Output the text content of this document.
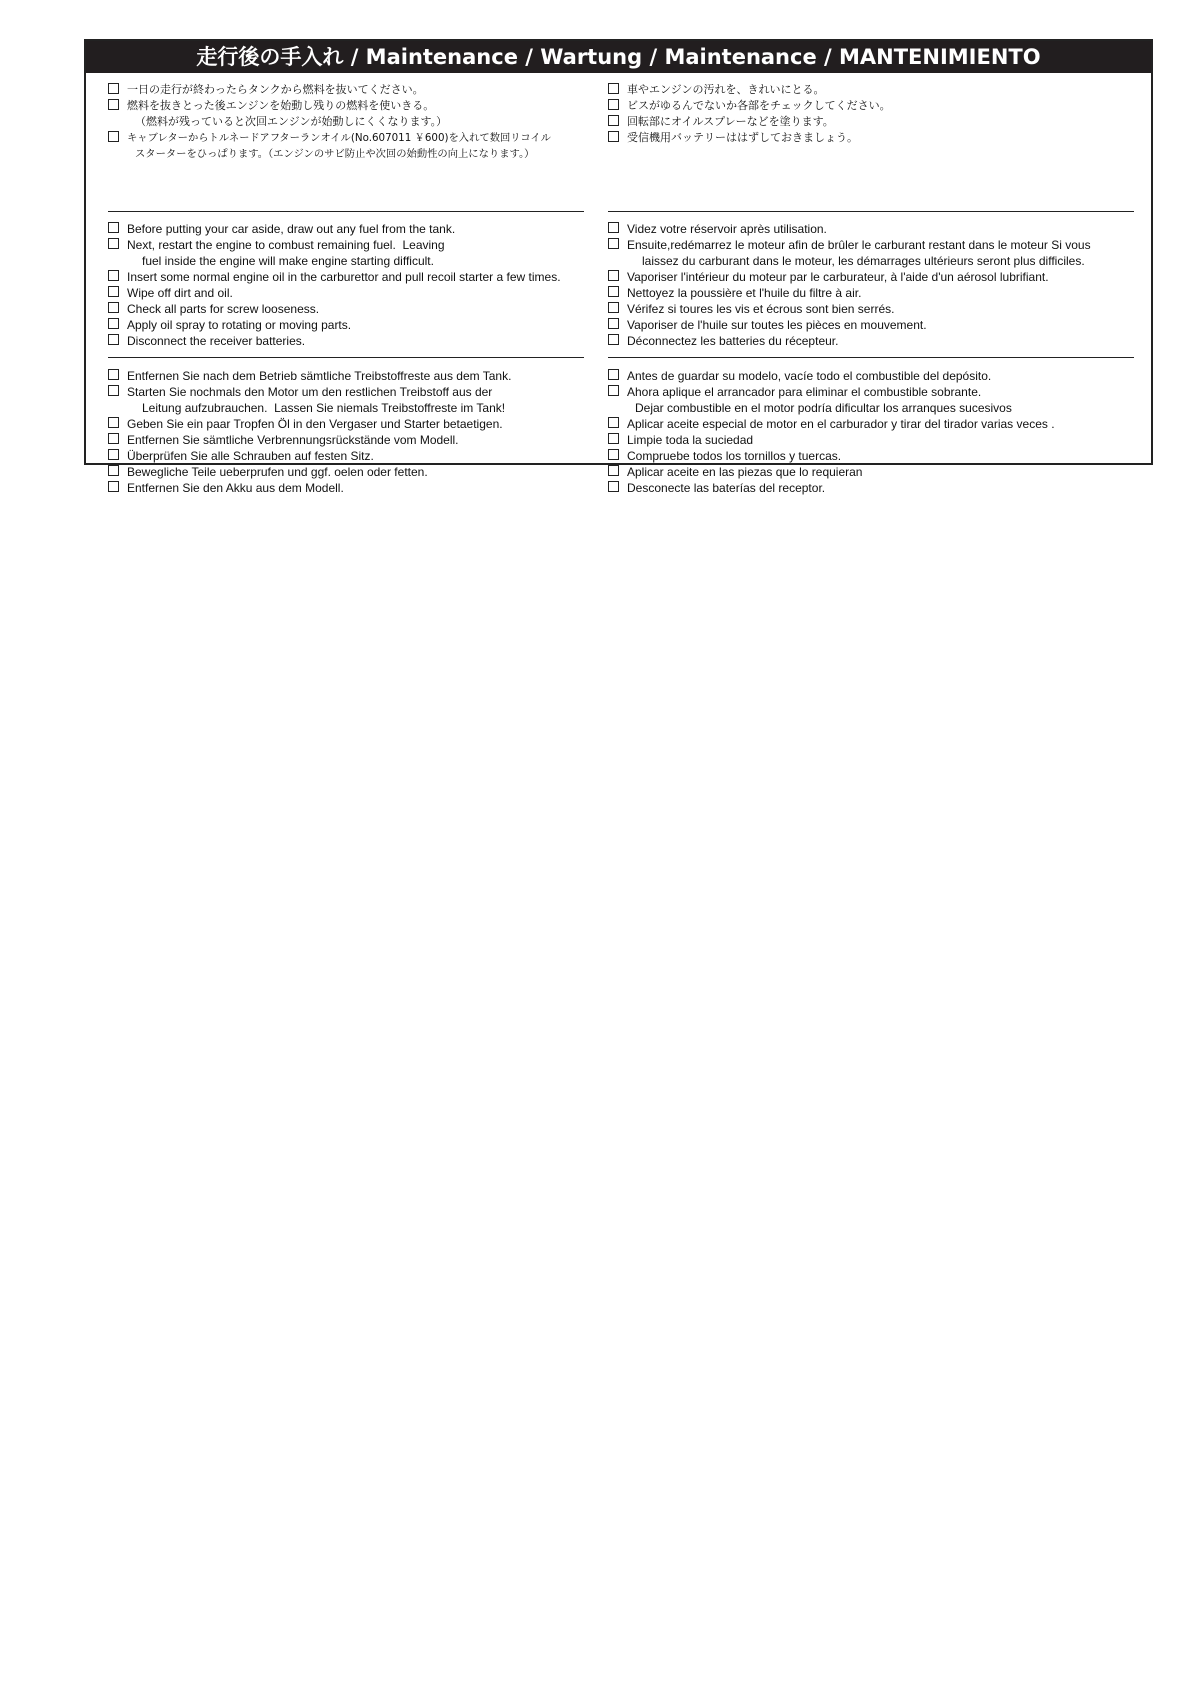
走行後の手入れ / Maintenance / Wartung / Maintenance / MANTENIMIENTO
一日の走行が終わったらタンクから燃料を抜いてください。
燃料を抜きとった後エンジンを始動し残りの燃料を使いきる。
（燃料が残っていると次回エンジンが始動しにくくなります。）
キャブレターからトルネードアフターランオイル(No.607011 ￥600)を入れて数回リコイル
スターターをひっぱります。（エンジンのサビ防止や次回の始動性の向上になります。）
Before putting your car aside, draw out any fuel from the tank.
Next, restart the engine to combust remaining fuel.  Leaving
fuel inside the engine will make engine starting difficult.
Insert some normal engine oil in the carburettor and pull recoil starter a few times.
Wipe off dirt and oil.
Check all parts for screw looseness.
Apply oil spray to rotating or moving parts.
Disconnect the receiver batteries.
Entfernen Sie nach dem Betrieb sämtliche Treibstoffreste aus dem Tank.
Starten Sie nochmals den Motor um den restlichen Treibstoff aus der
Leitung aufzubrauchen.  Lassen Sie niemals Treibstoffreste im Tank!
Geben Sie ein paar Tropfen Öl in den Vergaser und Starter betaetigen.
Entfernen Sie sämtliche Verbrennungsrückstände vom Modell.
Überprüfen Sie alle Schrauben auf festen Sitz.
Bewegliche Teile ueberprufen und ggf. oelen oder fetten.
Entfernen Sie den Akku aus dem Modell.
車やエンジンの汚れを、きれいにとる。
ビスがゆるんでないか各部をチェックしてください。
回転部にオイルスプレーなどを塗ります。
受信機用バッテリーははずしておきましょう。
Videz votre réservoir après utilisation.
Ensuite,redémarrez le moteur afin de brûler le carburant restant dans le moteur Si vous
laissez du carburant dans le moteur, les démarrages ultérieurs seront plus difficiles.
Vaporiser l'intérieur du moteur par le carburateur, à l'aide d'un aérosol lubrifiant.
Nettoyez la poussière et l'huile du filtre à air.
Vérifez si toures les vis et écrous sont bien serrés.
Vaporiser de l'huile sur toutes les pièces en mouvement.
Déconnectez les batteries du récepteur.
Antes de guardar su modelo, vacíe todo el combustible del depósito.
Ahora aplique el arrancador para eliminar el combustible sobrante.
Dejar combustible en el motor podría dificultar los arranques sucesivos
Aplicar aceite especial de motor en el carburador y tirar del tirador varias veces .
Limpie toda la suciedad
Compruebe todos los tornillos y tuercas.
Aplicar aceite en las piezas que lo requieran
Desconecte las baterías del receptor.
